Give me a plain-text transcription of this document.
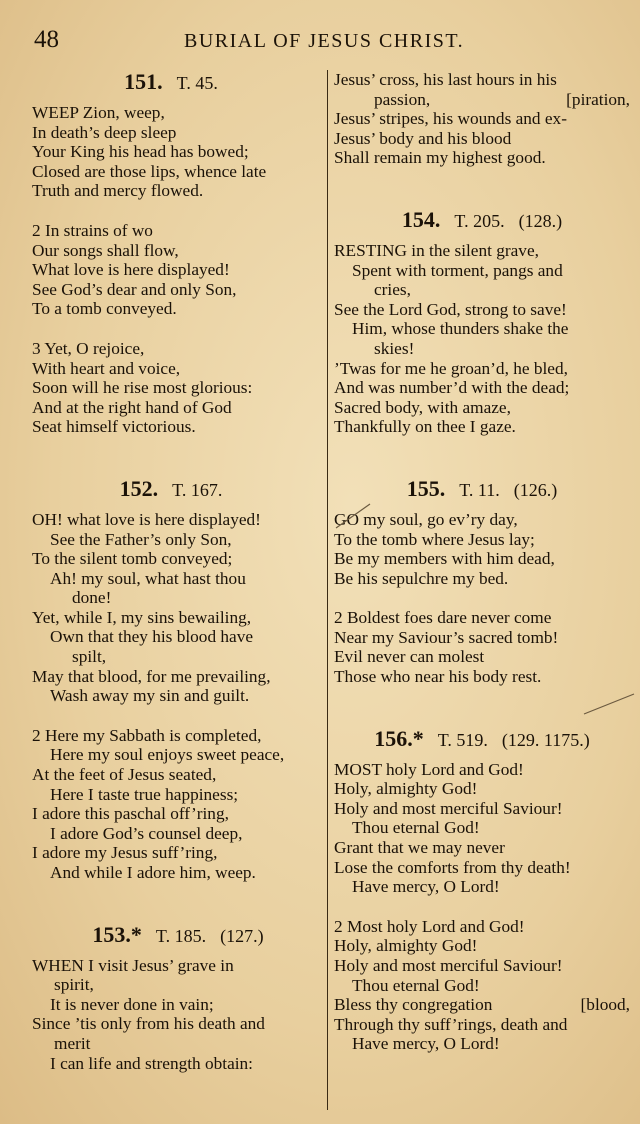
48	BURIAL OF JESUS CHRIST.
151. T. 45.
WEEP Zion, weep,
In death’s deep sleep
Your King his head has bowed;
Closed are those lips, whence late
Truth and mercy flowed.
2 In strains of wo
Our songs shall flow,
What love is here displayed!
See God’s dear and only Son,
To a tomb conveyed.
3 Yet, O rejoice,
With heart and voice,
Soon will he rise most glorious:
And at the right hand of God
Seat himself victorious.
152. T. 167.
OH! what love is here displayed!
See the Father’s only Son,
To the silent tomb conveyed;
Ah! my soul, what hast thou
done!
Yet, while I, my sins bewailing,
Own that they his blood have
spilt,
May that blood, for me prevailing,
Wash away my sin and guilt.
2 Here my Sabbath is completed,
Here my soul enjoys sweet peace,
At the feet of Jesus seated,
Here I taste true happiness;
I adore this paschal off’ring,
I adore God’s counsel deep,
I adore my Jesus suff’ring,
And while I adore him, weep.
153.* T. 185. (127.)
WHEN I visit Jesus’ grave in
spirit,
It is never done in vain;
Since ’tis only from his death and
merit
I can life and strength obtain:
Jesus’ cross, his last hours in his
passion,	[piration,
Jesus’ stripes, his wounds and ex-
Jesus’ body and his blood
Shall remain my highest good.
154. T. 205. (128.)
RESTING in the silent grave,
Spent with torment, pangs and
cries,
See the Lord God, strong to save!
Him, whose thunders shake the
skies!
’Twas for me he groan’d, he bled,
And was number’d with the dead;
Sacred body, with amaze,
Thankfully on thee I gaze.
155. T. 11. (126.)
GO my soul, go ev’ry day,
To the tomb where Jesus lay;
Be my members with him dead,
Be his sepulchre my bed.
2 Boldest foes dare never come
Near my Saviour’s sacred tomb!
Evil never can molest
Those who near his body rest.
156.* T. 519. (129. 1175.)
MOST holy Lord and God!
Holy, almighty God!
Holy and most merciful Saviour!
Thou eternal God!
Grant that we may never
Lose the comforts from thy death!
Have mercy, O Lord!
2 Most holy Lord and God!
Holy, almighty God!
Holy and most merciful Saviour!
Thou eternal God!
Bless thy congregation	[blood,
Through thy suff’rings, death and
Have mercy, O Lord!
